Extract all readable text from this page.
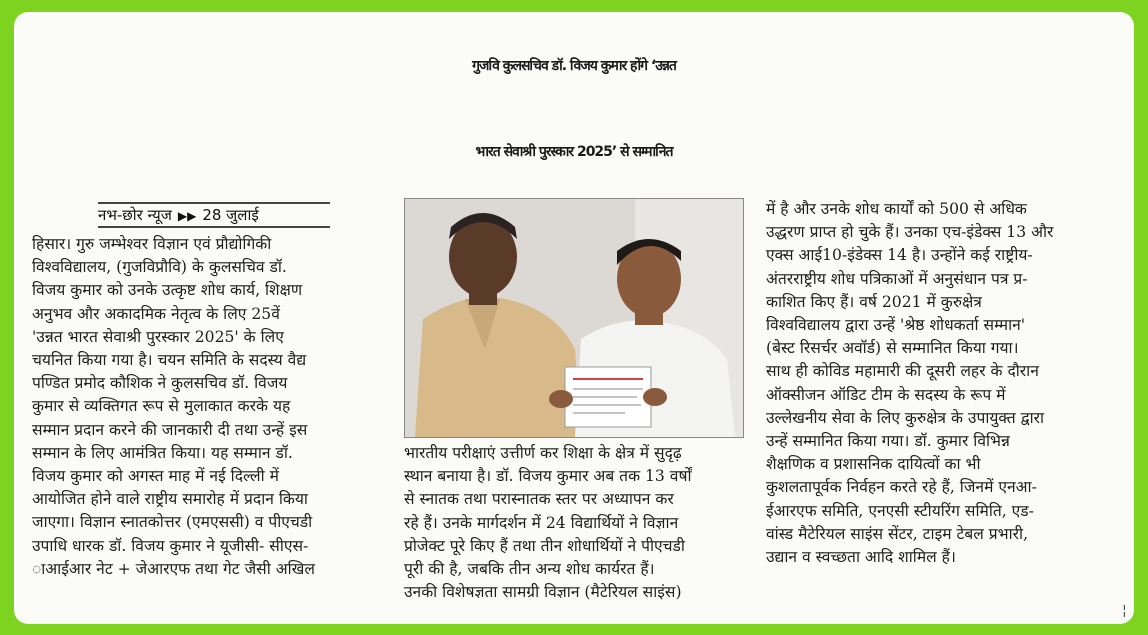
गुजवि कुलसचिव डॉ. विजय कुमार होंगे ‘उन्नत
भारत सेवाश्री पुरस्कार 2025’ से सम्मानित
नभ-छोर न्यूज ▶▶ 28 जुलाई

हिसार। गुरु जम्भेश्वर विज्ञान एवं प्रौद्योगिकी

विश्वविद्यालय, (गुजविप्रौवि) के कुलसचिव डॉ.

विजय कुमार को उनके उत्कृष्ट शोध कार्य, शिक्षण

अनुभव और अकादमिक नेतृत्व के लिए 25वें

'उन्नत भारत सेवाश्री पुरस्कार 2025' के लिए

चयनित किया गया है। चयन समिति के सदस्य वैद्य

पण्डित प्रमोद कौशिक ने कुलसचिव डॉ. विजय

कुमार से व्यक्तिगत रूप से मुलाकात करके यह

सम्मान प्रदान करने की जानकारी दी तथा उन्हें इस

सम्मान के लिए आमंत्रित किया। यह सम्मान डॉ.

विजय कुमार को अगस्त माह में नई दिल्ली में

आयोजित होने वाले राष्ट्रीय समारोह में प्रदान किया

जाएगा। विज्ञान स्नातकोत्तर (एमएससी) व पीएचडी

उपाधि धारक डॉ. विजय कुमार ने यूजीसी- सीएस-

ाआईआर नेट + जेआरएफ तथा गेट जैसी अखिल

भारतीय परीक्षाएं उत्तीर्ण कर शिक्षा के क्षेत्र में सुदृढ़

स्थान बनाया है। डॉ. विजय कुमार अब तक 13 वर्षों

से स्नातक तथा परास्नातक स्तर पर अध्यापन कर

रहे हैं। उनके मार्गदर्शन में 24 विद्यार्थियों ने विज्ञान

प्रोजेक्ट पूरे किए हैं तथा तीन शोधार्थियों ने पीएचडी

पूरी की है, जबकि तीन अन्य शोध कार्यरत हैं।

उनकी विशेषज्ञता सामग्री विज्ञान (मैटेरियल साइंस)

में है और उनके शोध कार्यों को 500 से अधिक

उद्धरण प्राप्त हो चुके हैं। उनका एच-इंडेक्स 13 और

एक्स आई10-इंडेक्स 14 है। उन्होंने कई राष्ट्रीय-

अंतरराष्ट्रीय शोध पत्रिकाओं में अनुसंधान पत्र प्र-

काशित किए हैं। वर्ष 2021 में कुरुक्षेत्र

विश्वविद्यालय द्वारा उन्हें 'श्रेष्ठ शोधकर्ता सम्मान'

(बेस्ट रिसर्चर अवॉर्ड) से सम्मानित किया गया।

साथ ही कोविड महामारी की दूसरी लहर के दौरान

ऑक्सीजन ऑडिट टीम के सदस्य के रूप में

उल्लेखनीय सेवा के लिए कुरुक्षेत्र के उपायुक्त द्वारा

उन्हें सम्मानित किया गया। डॉ. कुमार विभिन्न

शैक्षणिक व प्रशासनिक दायित्वों का भी

कुशलतापूर्वक निर्वहन करते रहे हैं, जिनमें एनआ-

ईआरएफ समिति, एनएसी स्टीयरिंग समिति, एड-

वांस्ड मैटेरियल साइंस सेंटर, टाइम टेबल प्रभारी,

उद्यान व स्वच्छता आदि शामिल हैं।

╎
